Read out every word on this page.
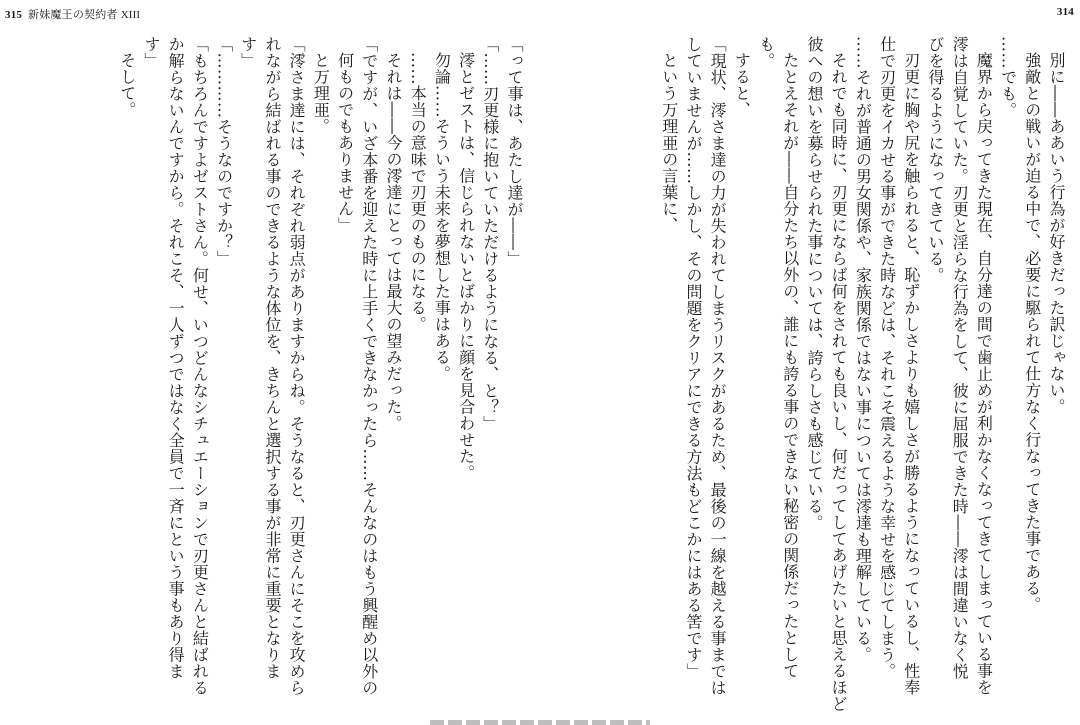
315 新妹魔王の契約者 XIII
「って事は、あたし達が――」
「……刃更様に抱いていただけるようになる、と？」
澪とゼストは、信じられないとばかりに顔を見合わせた。
勿論……そういう未来を夢想した事はある。
……本当の意味で刃更のものになる。
それは――今の澪達にとっては最大の望みだった。
「ですが、いざ本番を迎えた時に上手くできなかったら……そんなのはもう興醒め以外の
何ものでもありません」
と万理亜。
「澪さま達には、それぞれ弱点がありますからね。そうなると、刃更さんにそこを攻めら
れながら結ばれる事のできるような体位を、きちんと選択する事が非常に重要となりま
す」
「…………そうなのですか？」
「もちろんですよゼストさん。何せ、いつどんなシチュエーションで刃更さんと結ばれる
か解らないんですから。それこそ、一人ずつではなく全員で一斉にという事もあり得ま
す」
そして。
314
別に――ああいう行為が好きだった訳じゃない。
強敵との戦いが迫る中で、必要に駆られて仕方なく行なってきた事である。
……でも。
魔界から戻ってきた現在、自分達の間で歯止めが利かなくなってきてしまっている事を
澪は自覚していた。刃更と淫らな行為をして、彼に屈服できた時――澪は間違いなく悦
びを得るようになってきている。
刃更に胸や尻を触られると、恥ずかしさよりも嬉しさが勝るようになっているし、性奉
仕で刃更をイカせる事ができた時などは、それこそ震えるような幸せを感じてしまう。
……それが普通の男女関係や、家族関係ではない事については澪達も理解している。
それでも同時に、刃更にならば何をされても良いし、何だってしてあげたいと思えるほど
彼への想いを募らせられた事については、誇らしさも感じている。
たとえそれが――自分たち以外の、誰にも誇る事のできない秘密の関係だったとして
も。
すると、
「現状、澪さま達の力が失われてしまうリスクがあるため、最後の一線を越える事までは
していませんが……しかし、その問題をクリアにできる方法もどこかにはある筈です」
という万理亜の言葉に、
